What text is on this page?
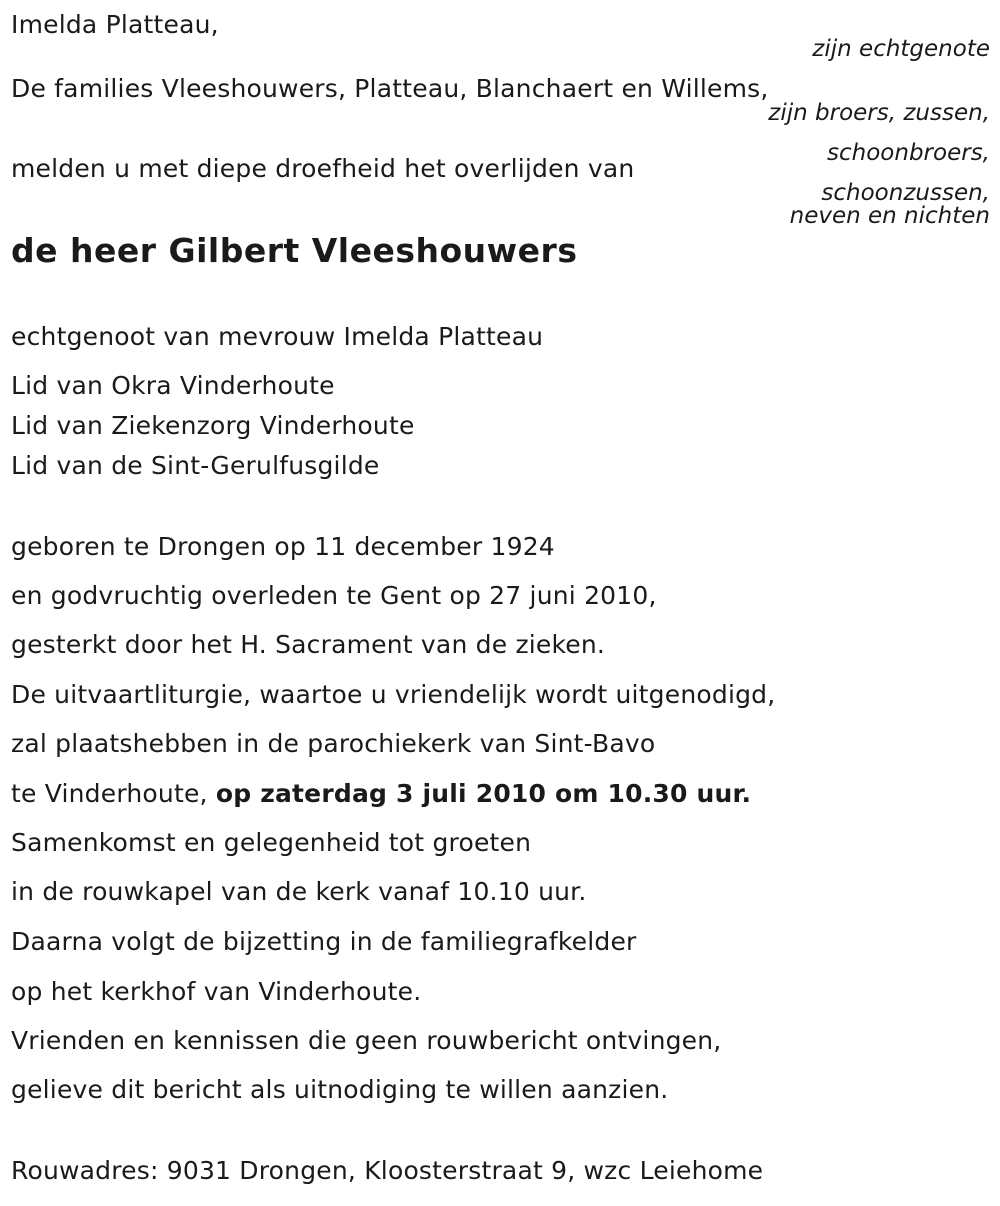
Imelda Platteau,
zijn echtgenote
De families Vleeshouwers, Platteau, Blanchaert en Willems,
zijn broers, zussen,
schoonbroers,
melden u met diepe droefheid het overlijden van
schoonzussen,
neven en nichten
de heer Gilbert Vleeshouwers
echtgenoot van mevrouw Imelda Platteau
Lid van Okra Vinderhoute
Lid van Ziekenzorg Vinderhoute
Lid van de Sint-Gerulfusgilde
geboren te Drongen op 11 december 1924
en godvruchtig overleden te Gent op 27 juni 2010,
gesterkt door het H. Sacrament van de zieken.
De uitvaartliturgie, waartoe u vriendelijk wordt uitgenodigd,
zal plaatshebben in de parochiekerk van Sint-Bavo
te Vinderhoute, op zaterdag 3 juli 2010 om 10.30 uur.
Samenkomst en gelegenheid tot groeten
in de rouwkapel van de kerk vanaf 10.10 uur.
Daarna volgt de bijzetting in de familiegrafkelder
op het kerkhof van Vinderhoute.
Vrienden en kennissen die geen rouwbericht ontvingen,
gelieve dit bericht als uitnodiging te willen aanzien.
Rouwadres: 9031 Drongen, Kloosterstraat 9, wzc Leiehome
